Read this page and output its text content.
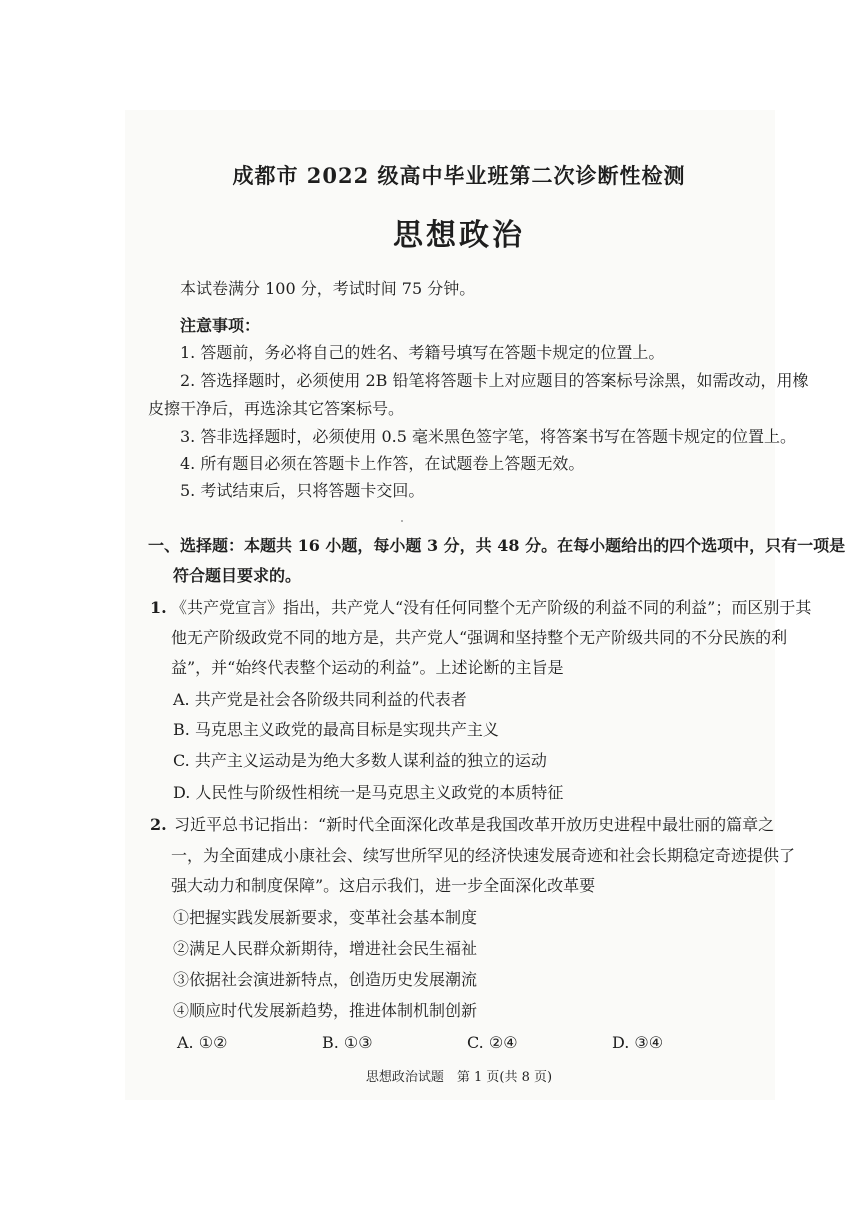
成都市 2022 级高中毕业班第二次诊断性检测
思想政治
本试卷满分 100 分，考试时间 75 分钟。
注意事项：
1. 答题前，务必将自己的姓名、考籍号填写在答题卡规定的位置上。
2. 答选择题时，必须使用 2B 铅笔将答题卡上对应题目的答案标号涂黑，如需改动，用橡
皮擦干净后，再选涂其它答案标号。
3. 答非选择题时，必须使用 0.5 毫米黑色签字笔，将答案书写在答题卡规定的位置上。
4. 所有题目必须在答题卡上作答，在试题卷上答题无效。
5. 考试结束后，只将答题卡交回。
一、选择题：本题共 16 小题，每小题 3 分，共 48 分。在每小题给出的四个选项中，只有一项是
符合题目要求的。
1. 《共产党宣言》指出，共产党人“没有任何同整个无产阶级的利益不同的利益”；而区别于其
他无产阶级政党不同的地方是，共产党人“强调和坚持整个无产阶级共同的不分民族的利
益”，并“始终代表整个运动的利益”。上述论断的主旨是
A. 共产党是社会各阶级共同利益的代表者
B. 马克思主义政党的最高目标是实现共产主义
C. 共产主义运动是为绝大多数人谋利益的独立的运动
D. 人民性与阶级性相统一是马克思主义政党的本质特征
2. 习近平总书记指出：“新时代全面深化改革是我国改革开放历史进程中最壮丽的篇章之
一，为全面建成小康社会、续写世所罕见的经济快速发展奇迹和社会长期稳定奇迹提供了
强大动力和制度保障”。这启示我们，进一步全面深化改革要
①把握实践发展新要求，变革社会基本制度
②满足人民群众新期待，增进社会民生福祉
③依据社会演进新特点，创造历史发展潮流
④顺应时代发展新趋势，推进体制机制创新
A. ①②	B. ①③	C. ②④	D. ③④
思想政治试题　第 1 页(共 8 页)
